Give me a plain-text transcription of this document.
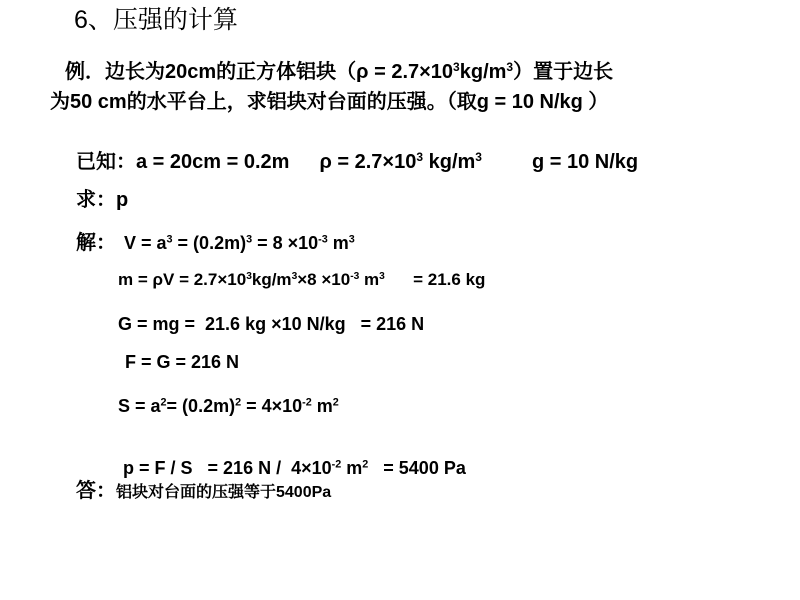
6、压强的计算
例．边长为20cm的正方体铝块$(\rho = 2.7\times 10^3kg/m^3)$置于边长
为50 cm的水平台上，求铝块对台面的压强。（取g = 10 N/kg ）
已知：a = 20cm = 0.2m $\rho = 2.7\times 10^3$ $kg/m^3$	g = 10 N/kg
求：p
解： $V = a^3 = (0.2m)^3 = 8 \times 10^{-3}$ $m^3$
$m = \rho V = 2.7\times 10^3kg/m^3\times 8 \times 10^{-3}$ $m^3$      = 21.6 kg
G = mg =  21.6 kg ×10 N/kg   = 216 N
F = G = 216 N
$S = a^2= (0.2m)^2 = 4\times 10^{-2}$ $m^2$

p = F / S   = 216 $N / 4\times 10^{-2}$ $m^2 = 5400$ Pa

答：铝块对台面的压强等于5400Pa
